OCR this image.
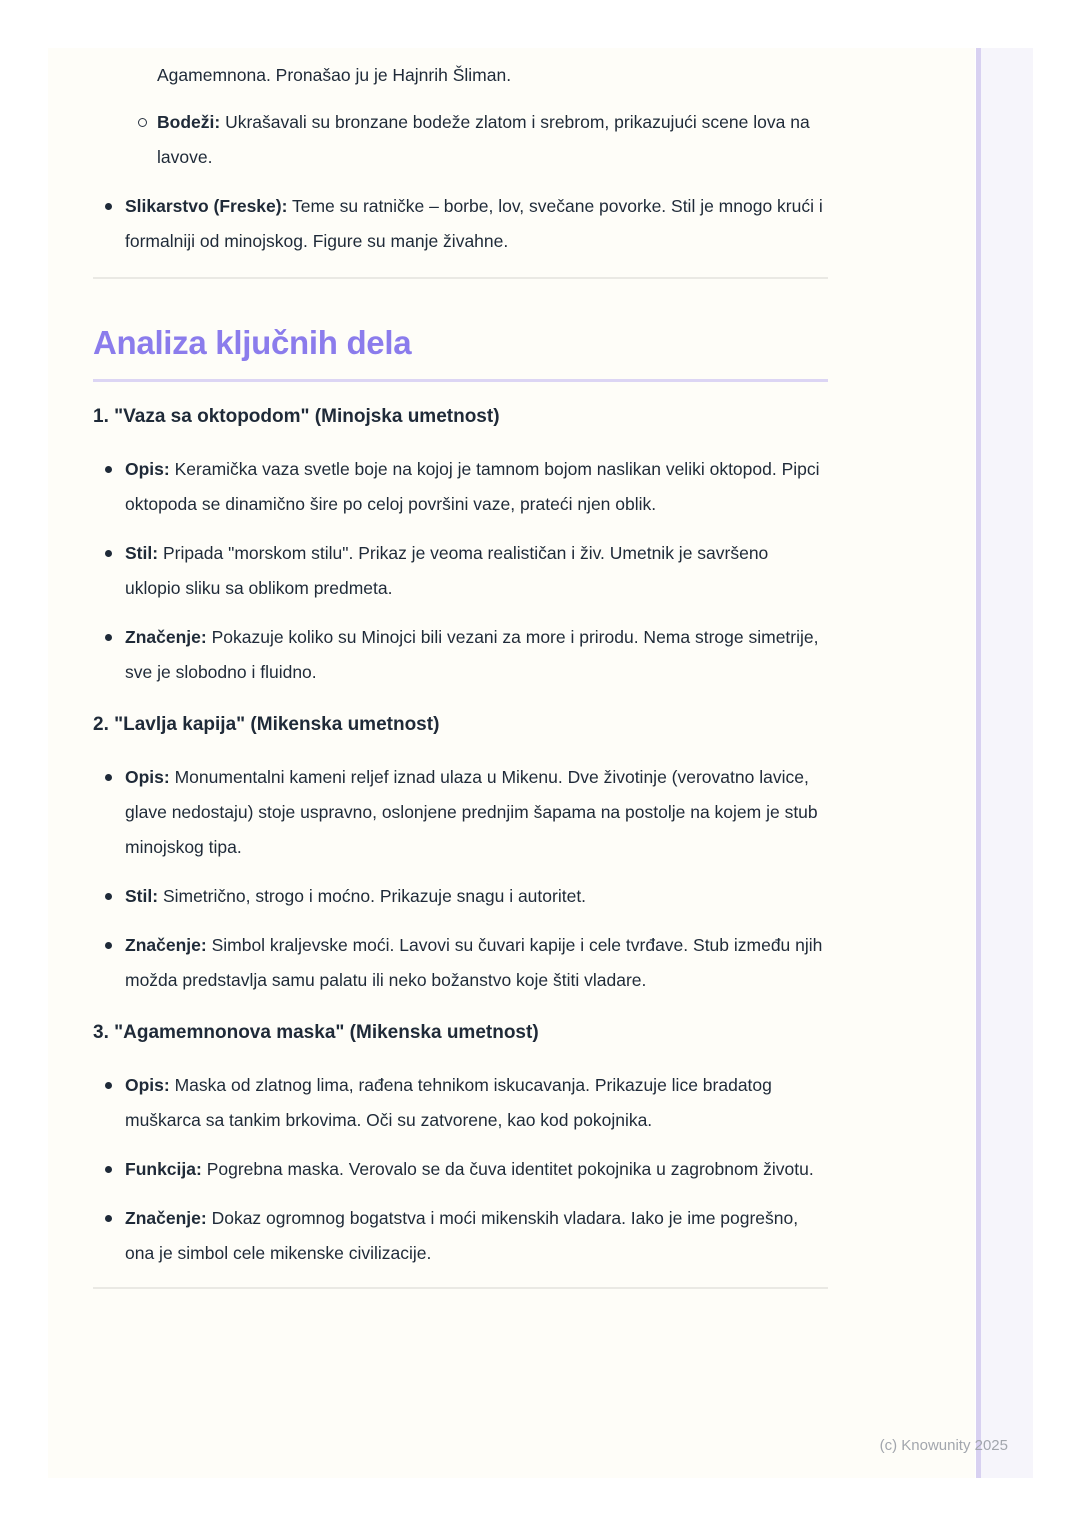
Agamemnona. Pronašao ju je Hajnrih Šliman.

Bodeži: Ukrašavali su bronzane bodeže zlatom i srebrom, prikazujući scene lova na lavove.
Slikarstvo (Freske): Teme su ratničke – borbe, lov, svečane povorke. Stil je mnogo krući i formalniji od minojskog. Figure su manje živahne.
Analiza ključnih dela
1. "Vaza sa oktopodom" (Minojska umetnost)
Opis: Keramička vaza svetle boje na kojoj je tamnom bojom naslikan veliki oktopod. Pipci oktopoda se dinamično šire po celoj površini vaze, prateći njen oblik.
Stil: Pripada "morskom stilu". Prikaz je veoma realističan i živ. Umetnik je savršeno uklopio sliku sa oblikom predmeta.
Značenje: Pokazuje koliko su Minojci bili vezani za more i prirodu. Nema stroge simetrije, sve je slobodno i fluidno.
2. "Lavlja kapija" (Mikenska umetnost)
Opis: Monumentalni kameni reljef iznad ulaza u Mikenu. Dve životinje (verovatno lavice, glave nedostaju) stoje uspravno, oslonjene prednjim šapama na postolje na kojem je stub minojskog tipa.
Stil: Simetrično, strogo i moćno. Prikazuje snagu i autoritet.
Značenje: Simbol kraljevske moći. Lavovi su čuvari kapije i cele tvrđave. Stub između njih možda predstavlja samu palatu ili neko božanstvo koje štiti vladare.
3. "Agamemnonova maska" (Mikenska umetnost)
Opis: Maska od zlatnog lima, rađena tehnikom iskucavanja. Prikazuje lice bradatog muškarca sa tankim brkovima. Oči su zatvorene, kao kod pokojnika.
Funkcija: Pogrebna maska. Verovalo se da čuva identitet pokojnika u zagrobnom životu.
Značenje: Dokaz ogromnog bogatstva i moći mikenskih vladara. Iako je ime pogrešno, ona je simbol cele mikenske civilizacije.
(c) Knowunity 2025
